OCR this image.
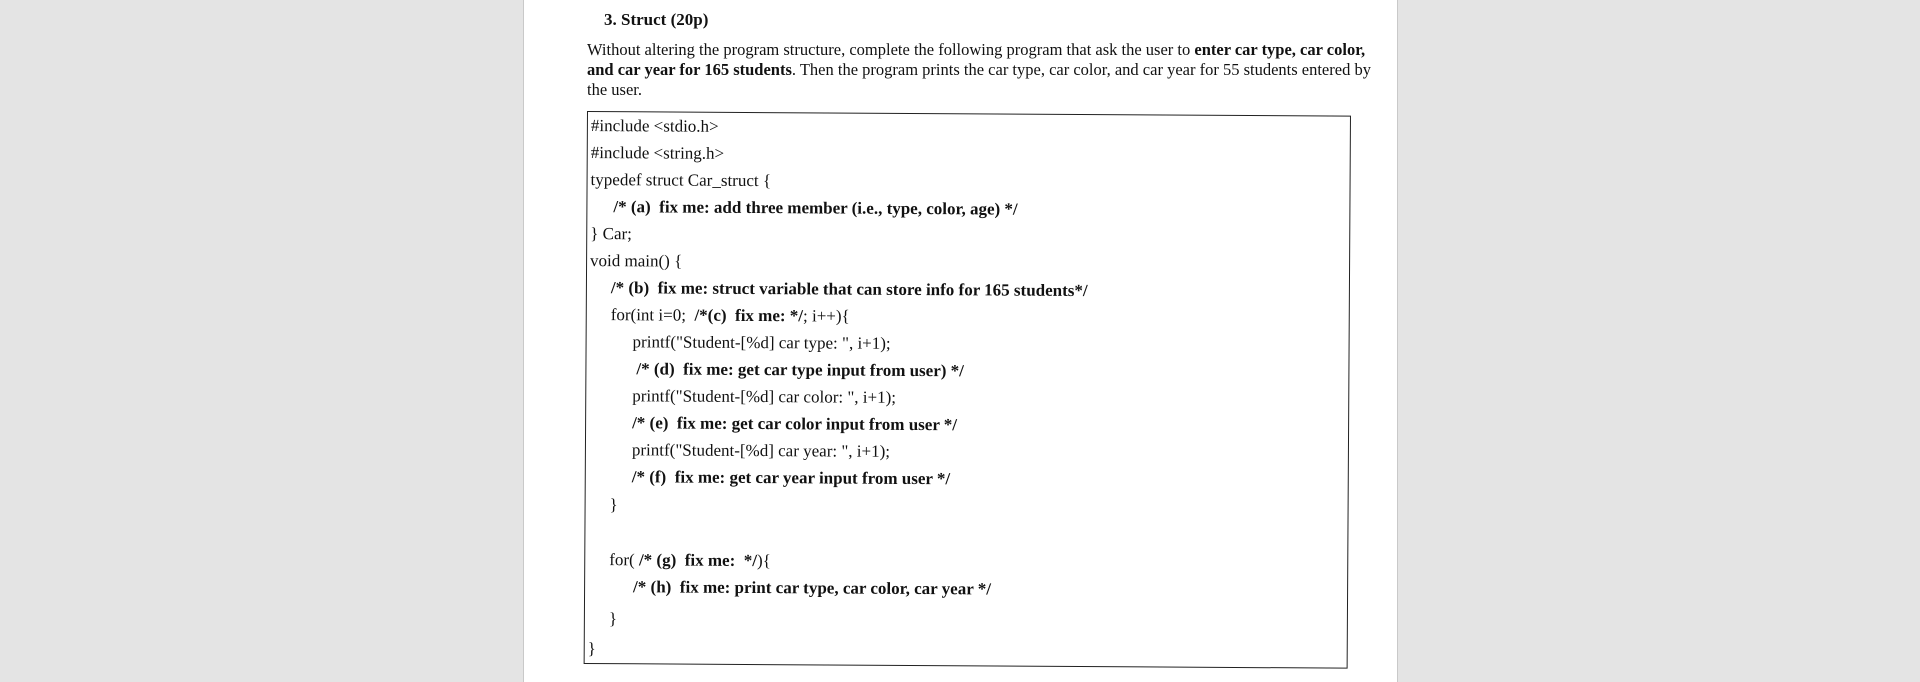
3. Struct (20p)

Without altering the program structure, complete the following program that ask the user to enter car type, car color, and car year for 165 students. Then the program prints the car type, car color, and car year for 55 students entered by the user.

#include <stdio.h>
#include <string.h>
typedef struct Car_struct {
/* (a)  fix me: add three member (i.e., type, color, age) */
} Car;
void main() {
/* (b)  fix me: struct variable that can store info for 165 students*/
for(int i=0;  /*(c)  fix me: */; i++){
printf("Student-[%d] car type: ", i+1);
/* (d)  fix me: get car type input from user) */
printf("Student-[%d] car color: ", i+1);
/* (e)  fix me: get car color input from user */
printf("Student-[%d] car year: ", i+1);
/* (f)  fix me: get car year input from user */
}
for( /* (g)  fix me:  */){
/* (h)  fix me: print car type, car color, car year */
}
}
